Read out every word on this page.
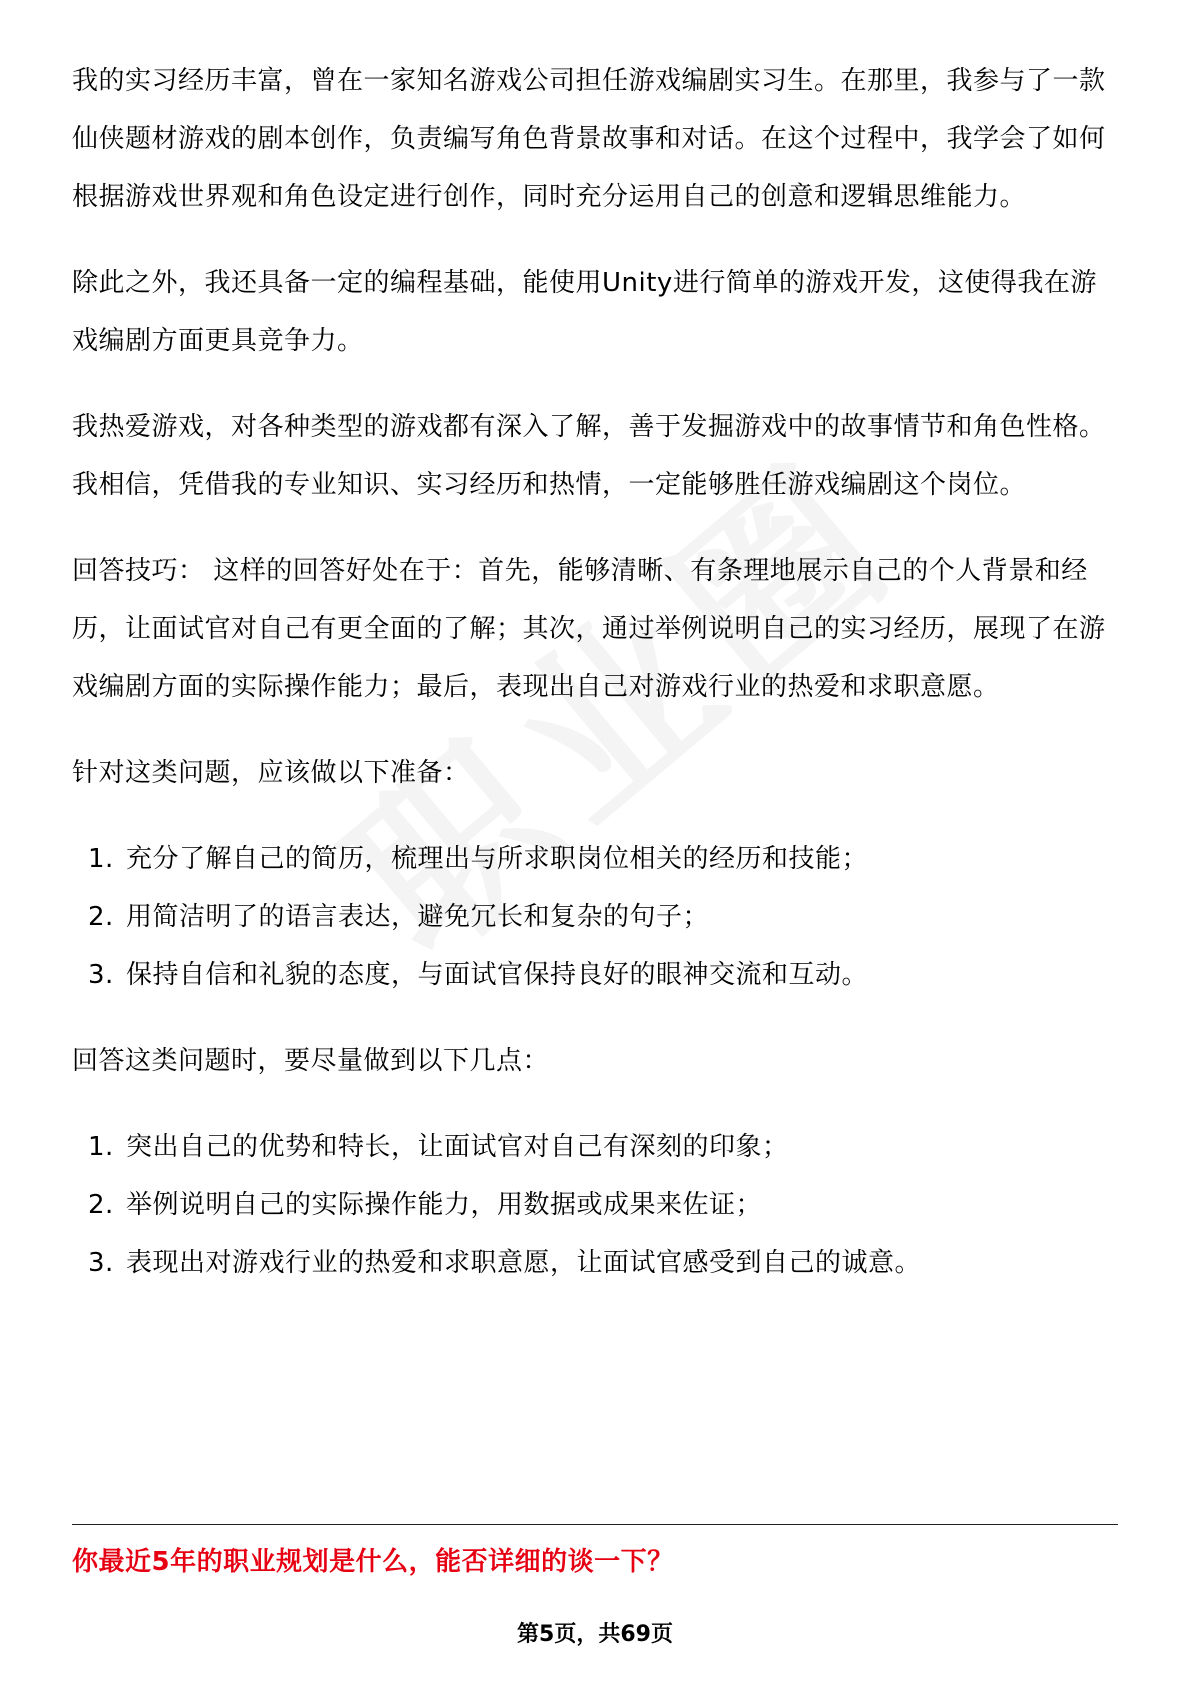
我的实习经历丰富，曾在一家知名游戏公司担任游戏编剧实习生。在那里，我参与了一款仙侠题材游戏的剧本创作，负责编写角色背景故事和对话。在这个过程中，我学会了如何根据游戏世界观和角色设定进行创作，同时充分运用自己的创意和逻辑思维能力。

除此之外，我还具备一定的编程基础，能使用Unity进行简单的游戏开发，这使得我在游戏编剧方面更具竞争力。

我热爱游戏，对各种类型的游戏都有深入了解，善于发掘游戏中的故事情节和角色性格。我相信，凭借我的专业知识、实习经历和热情，一定能够胜任游戏编剧这个岗位。

回答技巧： 这样的回答好处在于：首先，能够清晰、有条理地展示自己的个人背景和经历，让面试官对自己有更全面的了解；其次，通过举例说明自己的实习经历，展现了在游戏编剧方面的实际操作能力；最后，表现出自己对游戏行业的热爱和求职意愿。

针对这类问题，应该做以下准备：

1. 充分了解自己的简历，梳理出与所求职岗位相关的经历和技能；
2. 用简洁明了的语言表达，避免冗长和复杂的句子；
3. 保持自信和礼貌的态度，与面试官保持良好的眼神交流和互动。

回答这类问题时，要尽量做到以下几点：

1. 突出自己的优势和特长，让面试官对自己有深刻的印象；
2. 举例说明自己的实际操作能力，用数据或成果来佐证；
3. 表现出对游戏行业的热爱和求职意愿，让面试官感受到自己的诚意。
你最近5年的职业规划是什么，能否详细的谈一下？
第5页，共69页
